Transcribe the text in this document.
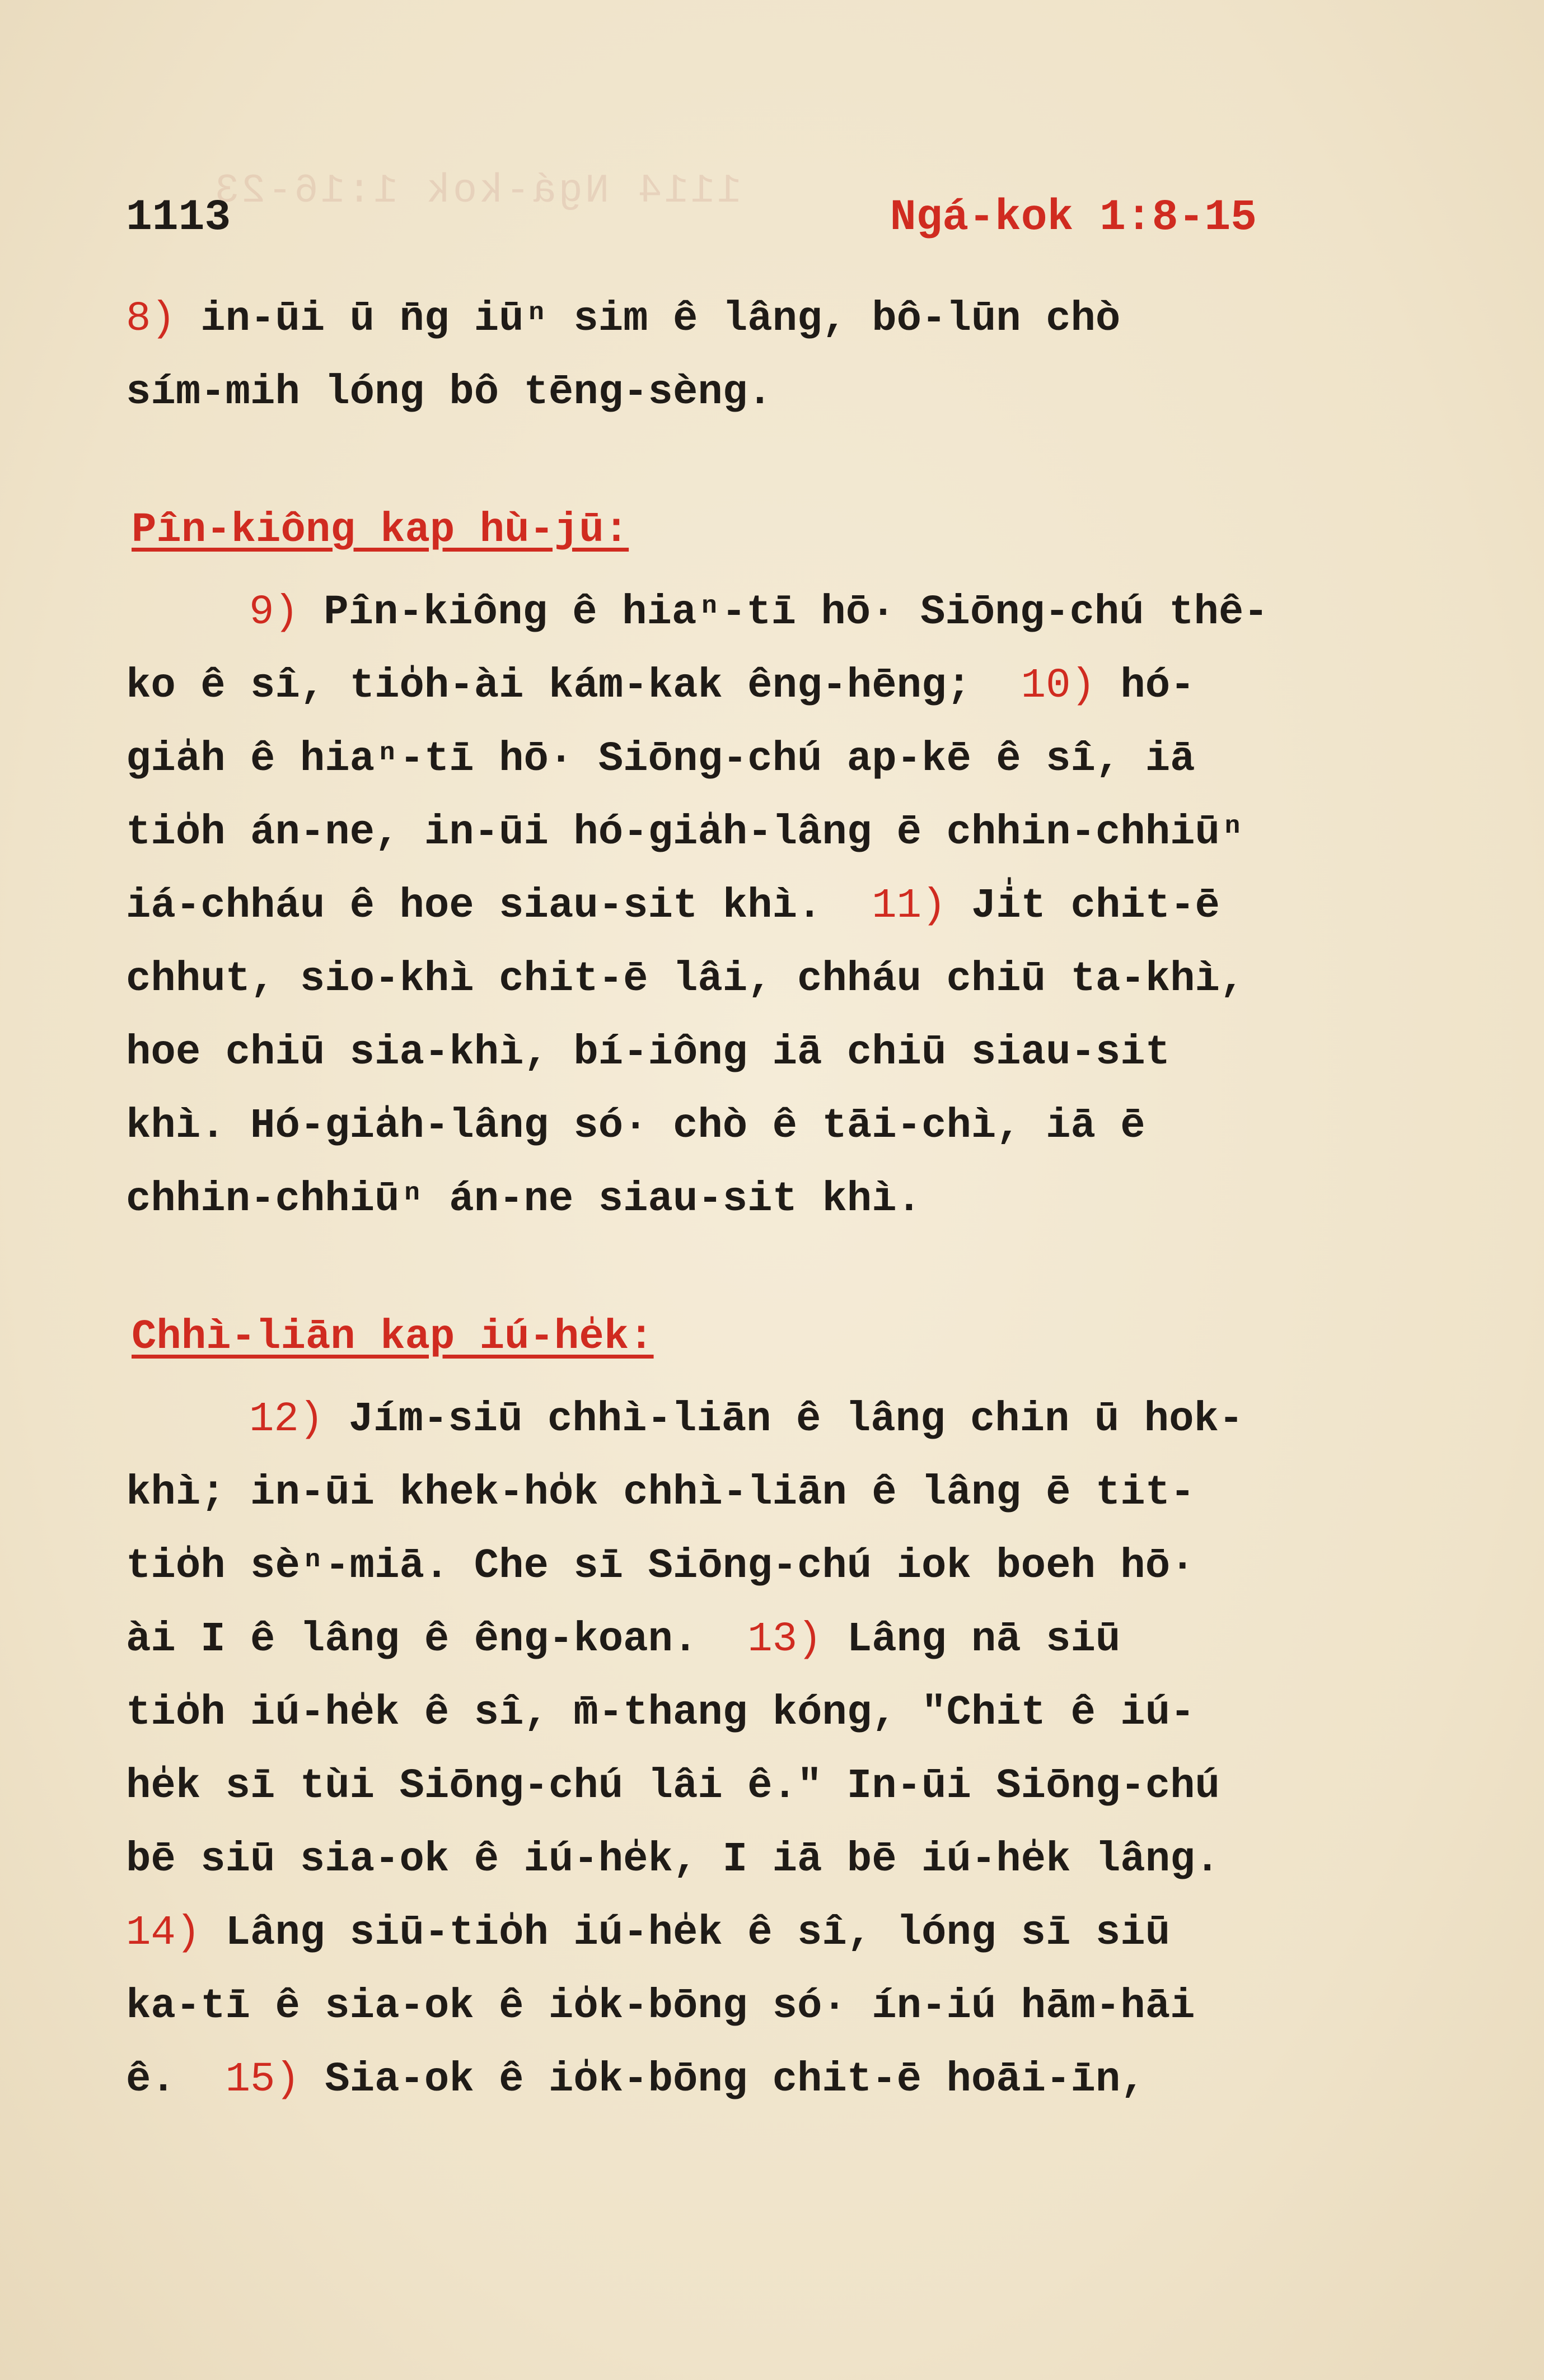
1114 Ngá-kok 1:16-23
1113	Ngá-kok 1:8-15
8) in-ūi ū n̄g iūⁿ sim ê lâng, bô-lūn chò
sím-mih lóng bô tēng-sèng.
Pîn-kiông kap hù-jū:
9) Pîn-kiông ê hiaⁿ-tī hō· Siōng-chú thê-
ko ê sî, tio̍h-ài kám-kak êng-hēng;  10) hó-
gia̍h ê hiaⁿ-tī hō· Siōng-chú ap-kē ê sî, iā
tio̍h án-ne, in-ūi hó-gia̍h-lâng ē chhin-chhiūⁿ
iá-chháu ê hoe siau-sit khì.  11) Ji̍t chit-ē
chhut, sio-khì chit-ē lâi, chháu chiū ta-khì,
hoe chiū sia-khì, bí-iông iā chiū siau-sit
khì. Hó-gia̍h-lâng só· chò ê tāi-chì, iā ē
chhin-chhiūⁿ án-ne siau-sit khì.
Chhì-liān kap iú-he̍k:
12) Jím-siū chhì-liān ê lâng chin ū hok-
khì; in-ūi khek-ho̍k chhì-liān ê lâng ē tit-
tio̍h sèⁿ-miā. Che sī Siōng-chú iok boeh hō·
ài I ê lâng ê êng-koan.  13) Lâng nā siū
tio̍h iú-he̍k ê sî, m̄-thang kóng, "Chit ê iú-
he̍k sī tùi Siōng-chú lâi ê." In-ūi Siōng-chú
bē siū sia-ok ê iú-he̍k, I iā bē iú-he̍k lâng.
14) Lâng siū-tio̍h iú-he̍k ê sî, lóng sī siū
ka-tī ê sia-ok ê io̍k-bōng só· ín-iú hām-hāi
ê.  15) Sia-ok ê io̍k-bōng chit-ē hoāi-īn,
